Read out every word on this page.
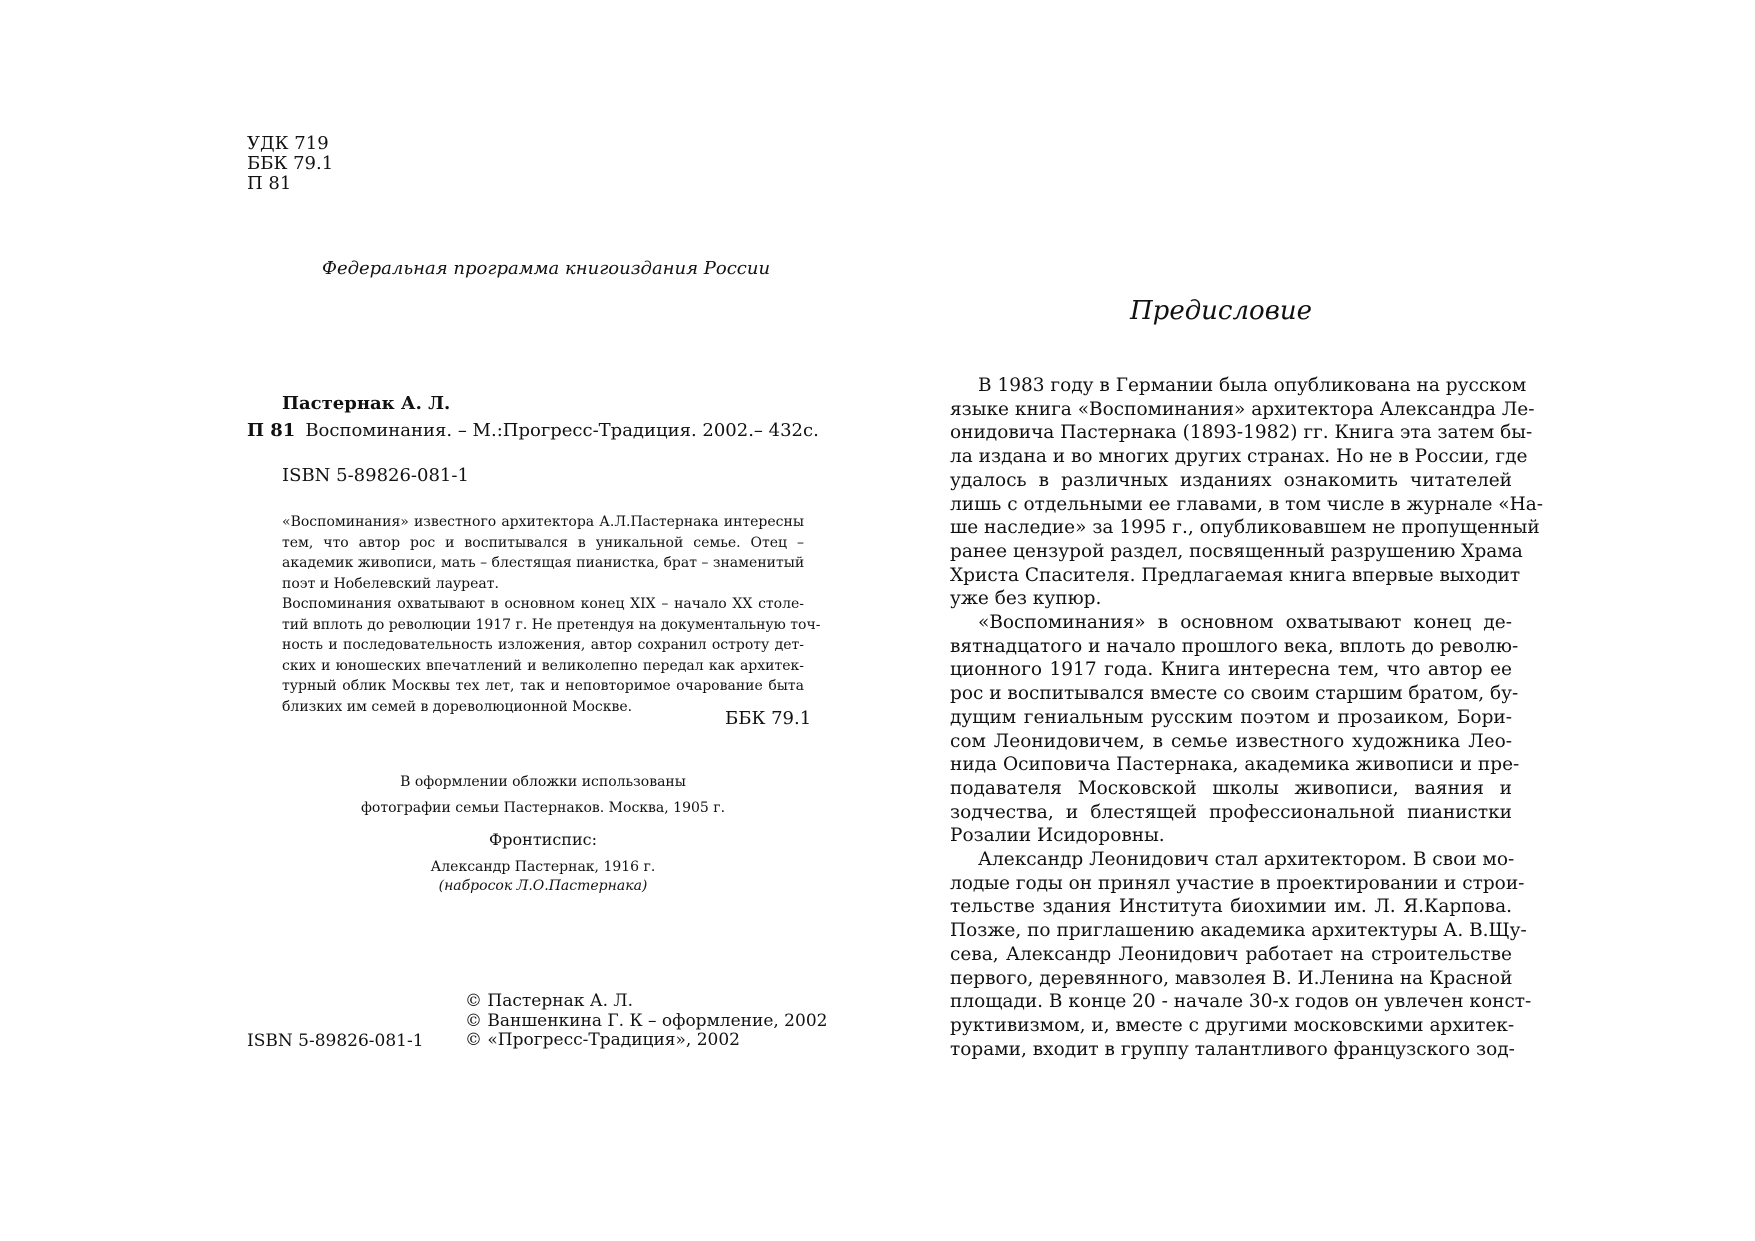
УДК 719
ББК 79.1
П 81
Федеральная программа книгоиздания России
Пастернак А. Л.
П 81 Воспоминания. – М.:Прогресс-Традиция. 2002.– 432с.
ISBN 5-89826-081-1
«Воспоминания» известного архитектора А.Л.Пастернака интересны
тем, что автор рос и воспитывался в уникальной семье. Отец –
академик живописи, мать – блестящая пианистка, брат – знаменитый
поэт и Нобелевский лауреат.
Воспоминания охватывают в основном конец XIX – начало XX столе-
тий вплоть до революции 1917 г. Не претендуя на документальную точ-
ность и последовательность изложения, автор сохранил остроту дет-
ских и юношеских впечатлений и великолепно передал как архитек-
турный облик Москвы тех лет, так и неповторимое очарование быта
близких им семей в дореволюционной Москве.
ББК 79.1
В оформлении обложки использованы
фотографии семьи Пастернаков. Москва, 1905 г.
Фронтиспис:
Александр Пастернак, 1916 г.
(набросок Л.О.Пастернака)
ISBN 5-89826-081-1
© Пастернак А. Л.
© Ваншенкина Г. К – оформление, 2002
© «Прогресс-Традиция», 2002
Предисловие
В 1983 году в Германии была опубликована на русском
языке книга «Воспоминания» архитектора Александра Ле-
онидовича Пастернака (1893-1982) гг. Книга эта затем бы-
ла издана и во многих других странах. Но не в России, где
удалось в различных изданиях ознакомить читателей
лишь с отдельными ее главами, в том числе в журнале «На-
ше наследие» за 1995 г., опубликовавшем не пропущенный
ранее цензурой раздел, посвященный разрушению Храма
Христа Спасителя. Предлагаемая книга впервые выходит
уже без купюр.
«Воспоминания» в основном охватывают конец де-
вятнадцатого и начало прошлого века, вплоть до револю-
ционного 1917 года. Книга интересна тем, что автор ее
рос и воспитывался вместе со своим старшим братом, бу-
дущим гениальным русским поэтом и прозаиком, Бори-
сом Леонидовичем, в семье известного художника Лео-
нида Осиповича Пастернака, академика живописи и пре-
подавателя Московской школы живописи, ваяния и
зодчества, и блестящей профессиональной пианистки
Розалии Исидоровны.
Александр Леонидович стал архитектором. В свои мо-
лодые годы он принял участие в проектировании и строи-
тельстве здания Института биохимии им. Л. Я.Карпова.
Позже, по приглашению академика архитектуры А. В.Щу-
сева, Александр Леонидович работает на строительстве
первого, деревянного, мавзолея В. И.Ленина на Красной
площади. В конце 20 - начале 30-х годов он увлечен конст-
руктивизмом, и, вместе с другими московскими архитек-
торами, входит в группу талантливого французского зод-
